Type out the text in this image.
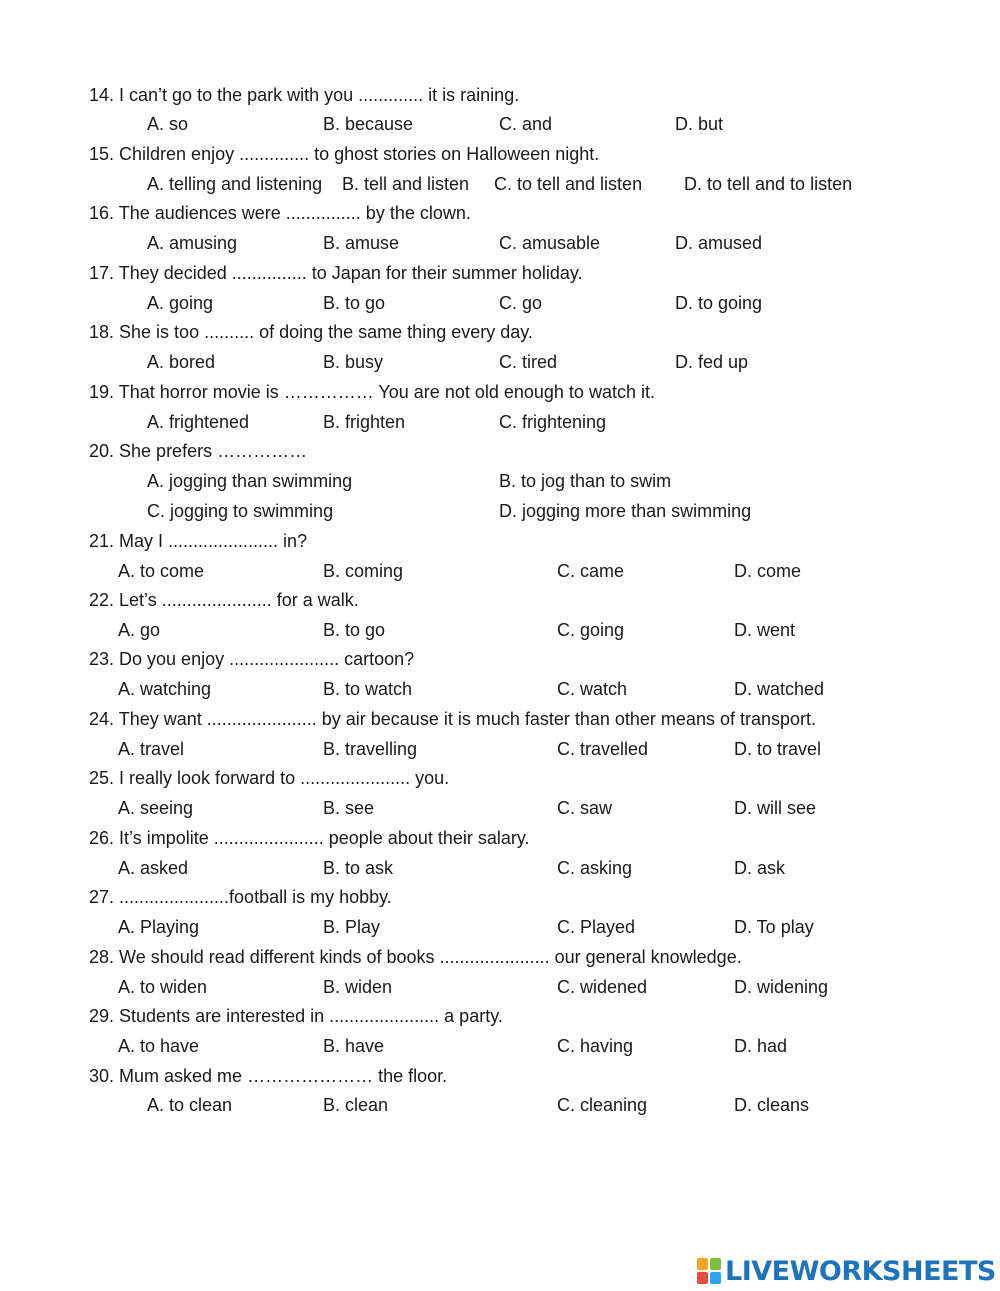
14. I can’t go to the park with you ............. it is raining.
A. so	B. because	C. and	D. but
15. Children enjoy .............. to ghost stories on Halloween night.
A. telling and listening B. tell and listen C. to tell and listen D. to tell and to listen
16. The audiences were ............... by the clown.
A. amusing	B. amuse	C. amusable	D. amused
17. They decided ............... to Japan for their summer holiday.
A. going	B. to go	C. go	D. to going
18. She is too .......... of doing the same thing every day.
A. bored	B. busy	C. tired	D. fed up
19. That horror movie is …………… You are not old enough to watch it.
A. frightened	B. frighten	C. frightening
20. She prefers ……………
A. jogging than swimming	B. to jog than to swim
C. jogging to swimming	D. jogging more than swimming
21. May I ...................... in?
A. to come	B. coming	C. came	D. come
22. Let’s ...................... for a walk.
A. go	B. to go	C. going	D. went
23. Do you enjoy ...................... cartoon?
A. watching	B. to watch	C. watch	D. watched
24. They want ...................... by air because it is much faster than other means of transport.
A. travel	B. travelling	C. travelled	D. to travel
25. I really look forward to ...................... you.
A. seeing	B. see	C. saw	D. will see
26. It’s impolite ...................... people about their salary.
A. asked	B. to ask	C. asking	D. ask
27. ......................football is my hobby.
A. Playing	B. Play	C. Played	D. To play
28. We should read different kinds of books ...................... our general knowledge.
A. to widen	B. widen	C. widened	D. widening
29. Students are interested in ...................... a party.
A. to have	B. have	C. having	D. had
30. Mum asked me ………………… the floor.
A. to clean	B. clean	C. cleaning	D. cleans
LIVEWORKSHEETS
